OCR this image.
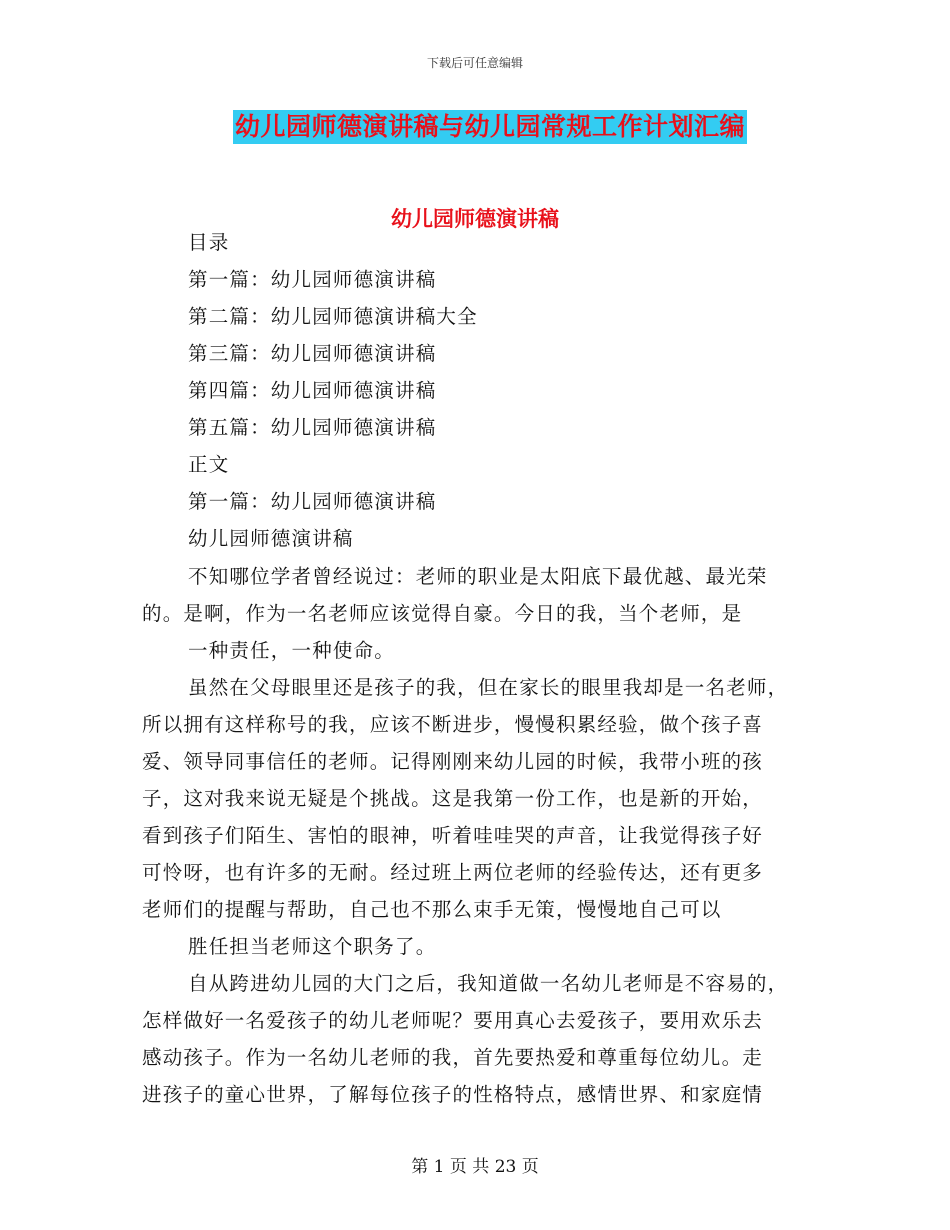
下载后可任意编辑
幼儿园师德演讲稿与幼儿园常规工作计划汇编
幼儿园师德演讲稿
目录
第一篇：幼儿园师德演讲稿
第二篇：幼儿园师德演讲稿大全
第三篇：幼儿园师德演讲稿
第四篇：幼儿园师德演讲稿
第五篇：幼儿园师德演讲稿
正文
第一篇：幼儿园师德演讲稿
幼儿园师德演讲稿
不知哪位学者曾经说过：老师的职业是太阳底下最优越、最光荣
的。是啊，作为一名老师应该觉得自豪。今日的我，当个老师，是
一种责任，一种使命。
虽然在父母眼里还是孩子的我，但在家长的眼里我却是一名老师，
所以拥有这样称号的我，应该不断进步，慢慢积累经验，做个孩子喜
爱、领导同事信任的老师。记得刚刚来幼儿园的时候，我带小班的孩
子，这对我来说无疑是个挑战。这是我第一份工作，也是新的开始，
看到孩子们陌生、害怕的眼神，听着哇哇哭的声音，让我觉得孩子好
可怜呀，也有许多的无耐。经过班上两位老师的经验传达，还有更多
老师们的提醒与帮助，自己也不那么束手无策，慢慢地自己可以
胜任担当老师这个职务了。
自从跨进幼儿园的大门之后，我知道做一名幼儿老师是不容易的，
怎样做好一名爱孩子的幼儿老师呢？要用真心去爱孩子，要用欢乐去
感动孩子。作为一名幼儿老师的我，首先要热爱和尊重每位幼儿。走
进孩子的童心世界，了解每位孩子的性格特点，感情世界、和家庭情
第 1 页 共 23 页
